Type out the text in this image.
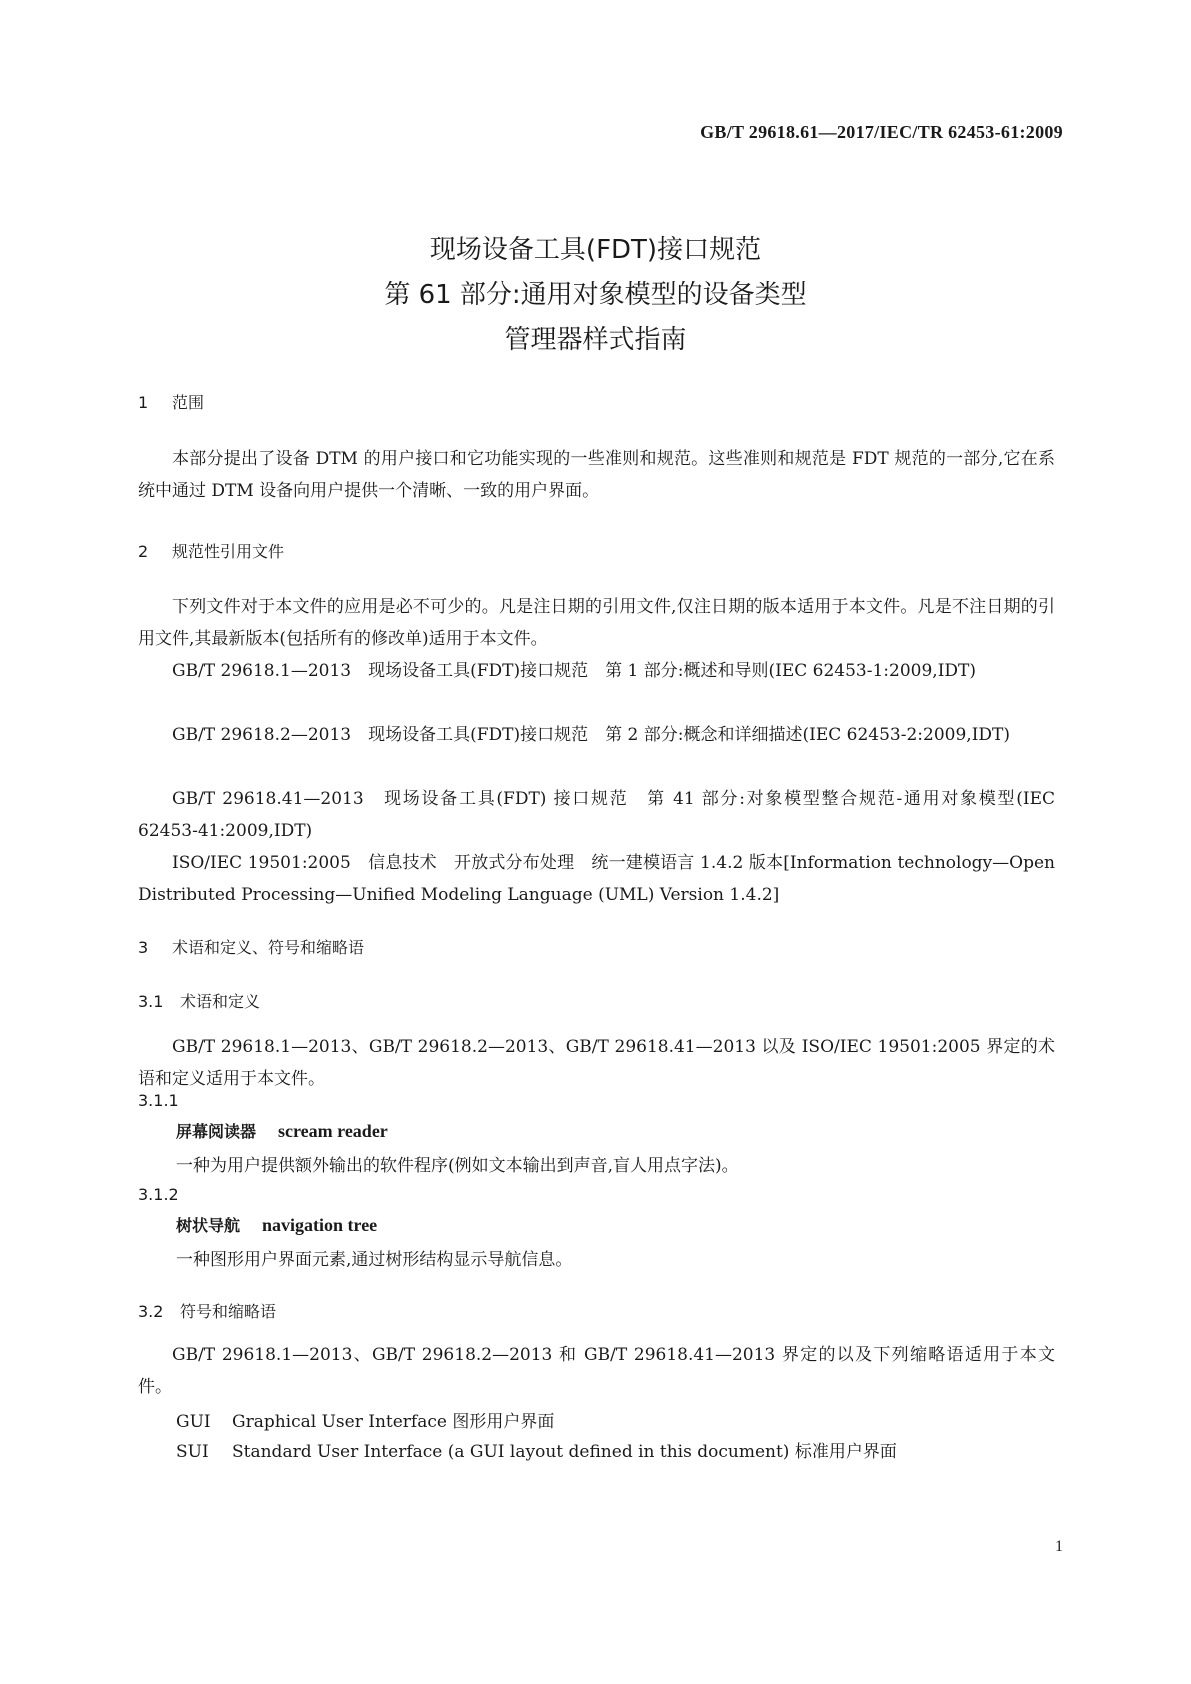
GB/T 29618.61—2017/IEC/TR 62453-61:2009
现场设备工具(FDT)接口规范
第 61 部分:通用对象模型的设备类型
管理器样式指南
1 范围
本部分提出了设备 DTM 的用户接口和它功能实现的一些准则和规范。这些准则和规范是 FDT 规范的一部分,它在系统中通过 DTM 设备向用户提供一个清晰、一致的用户界面。
2 规范性引用文件
下列文件对于本文件的应用是必不可少的。凡是注日期的引用文件,仅注日期的版本适用于本文件。凡是不注日期的引用文件,其最新版本(包括所有的修改单)适用于本文件。
GB/T 29618.1—2013　现场设备工具(FDT)接口规范　第 1 部分:概述和导则(IEC 62453-1:2009,IDT)
GB/T 29618.2—2013　现场设备工具(FDT)接口规范　第 2 部分:概念和详细描述(IEC 62453-2:2009,IDT)
GB/T 29618.41—2013　现场设备工具(FDT) 接口规范　第 41 部分:对象模型整合规范-通用对象模型(IEC 62453-41:2009,IDT)
ISO/IEC 19501:2005　信息技术　开放式分布处理　统一建模语言 1.4.2 版本[Information technology—Open Distributed Processing—Unified Modeling Language (UML) Version 1.4.2]
3 术语和定义、符号和缩略语
3.1 术语和定义
GB/T 29618.1—2013、GB/T 29618.2—2013、GB/T 29618.41—2013 以及 ISO/IEC 19501:2005 界定的术语和定义适用于本文件。
3.1.1
屏幕阅读器 scream reader
一种为用户提供额外输出的软件程序(例如文本输出到声音,盲人用点字法)。
3.1.2
树状导航 navigation tree
一种图形用户界面元素,通过树形结构显示导航信息。
3.2 符号和缩略语
GB/T 29618.1—2013、GB/T 29618.2—2013 和 GB/T 29618.41—2013 界定的以及下列缩略语适用于本文件。
GUI Graphical User Interface 图形用户界面
SUI Standard User Interface (a GUI layout defined in this document) 标准用户界面
1
